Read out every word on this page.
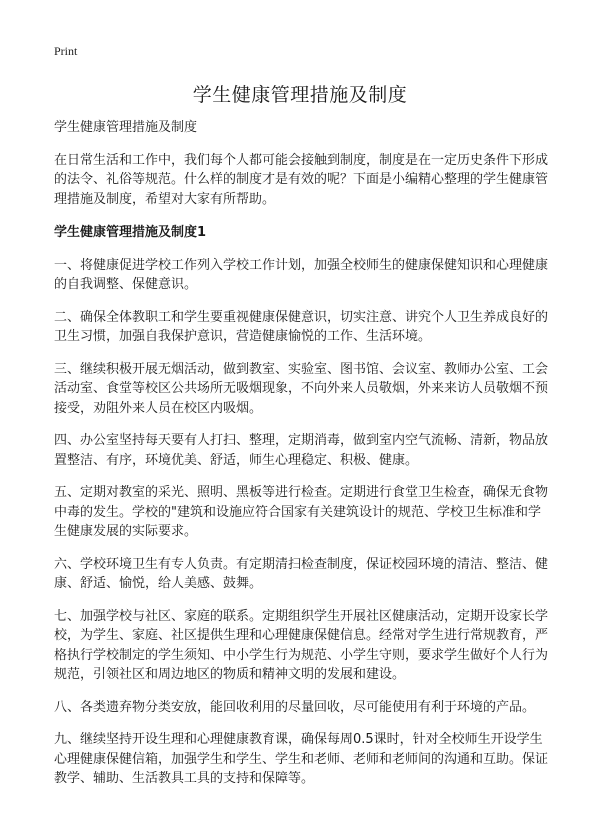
Print
学生健康管理措施及制度

学生健康管理措施及制度

在日常生活和工作中，我们每个人都可能会接触到制度，制度是在一定历史条件下形成的法令、礼俗等规范。什么样的制度才是有效的呢？下面是小编精心整理的学生健康管理措施及制度，希望对大家有所帮助。

学生健康管理措施及制度1

一、将健康促进学校工作列入学校工作计划，加强全校师生的健康保健知识和心理健康的自我调整、保健意识。

二、确保全体教职工和学生要重视健康保健意识，切实注意、讲究个人卫生养成良好的卫生习惯，加强自我保护意识，营造健康愉悦的工作、生活环境。

三、继续积极开展无烟活动，做到教室、实验室、图书馆、会议室、教师办公室、工会活动室、食堂等校区公共场所无吸烟现象，不向外来人员敬烟，外来来访人员敬烟不预接受，劝阻外来人员在校区内吸烟。

四、办公室坚持每天要有人打扫、整理，定期消毒，做到室内空气流畅、清新，物品放置整洁、有序，环境优美、舒适，师生心理稳定、积极、健康。

五、定期对教室的采光、照明、黑板等进行检查。定期进行食堂卫生检查，确保无食物中毒的发生。学校的"建筑和设施应符合国家有关建筑设计的规范、学校卫生标准和学生健康发展的实际要求。

六、学校环境卫生有专人负责。有定期清扫检查制度，保证校园环境的清洁、整洁、健康、舒适、愉悦，给人美感、鼓舞。

七、加强学校与社区、家庭的联系。定期组织学生开展社区健康活动，定期开设家长学校，为学生、家庭、社区提供生理和心理健康保健信息。经常对学生进行常规教育，严格执行学校制定的学生须知、中小学生行为规范、小学生守则，要求学生做好个人行为规范，引领社区和周边地区的物质和精神文明的发展和建设。

八、各类遗弃物分类安放，能回收利用的尽量回收，尽可能使用有利于环境的产品。

九、继续坚持开设生理和心理健康教育课，确保每周0.5课时，针对全校师生开设学生心理健康保健信箱，加强学生和学生、学生和老师、老师和老师间的沟通和互助。保证教学、辅助、生活教具工具的支持和保障等。
